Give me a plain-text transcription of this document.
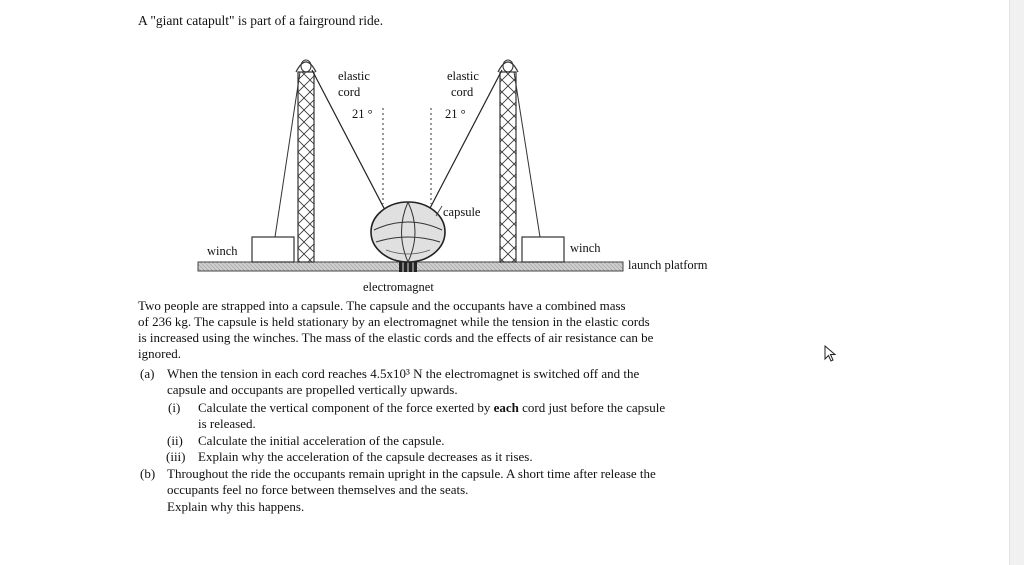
A "giant catapult" is part of a fairground ride.
elastic
cord
elastic
cord
21 °	21 °
capsule
winch	winch
launch platform
electromagnet
Two people are strapped into a capsule. The capsule and the occupants have a combined mass
of 236 kg. The capsule is held stationary by an electromagnet while the tension in the elastic cords
is increased using the winches. The mass of the elastic cords and the effects of air resistance can be
ignored.
(a) When the tension in each cord reaches 4.5x10³ N the electromagnet is switched off and the
capsule and occupants are propelled vertically upwards.
(i) Calculate the vertical component of the force exerted by each cord just before the capsule
is released.
(ii) Calculate the initial acceleration of the capsule.
(iii) Explain why the acceleration of the capsule decreases as it rises.
(b) Throughout the ride the occupants remain upright in the capsule. A short time after release the
occupants feel no force between themselves and the seats.
Explain why this happens.
